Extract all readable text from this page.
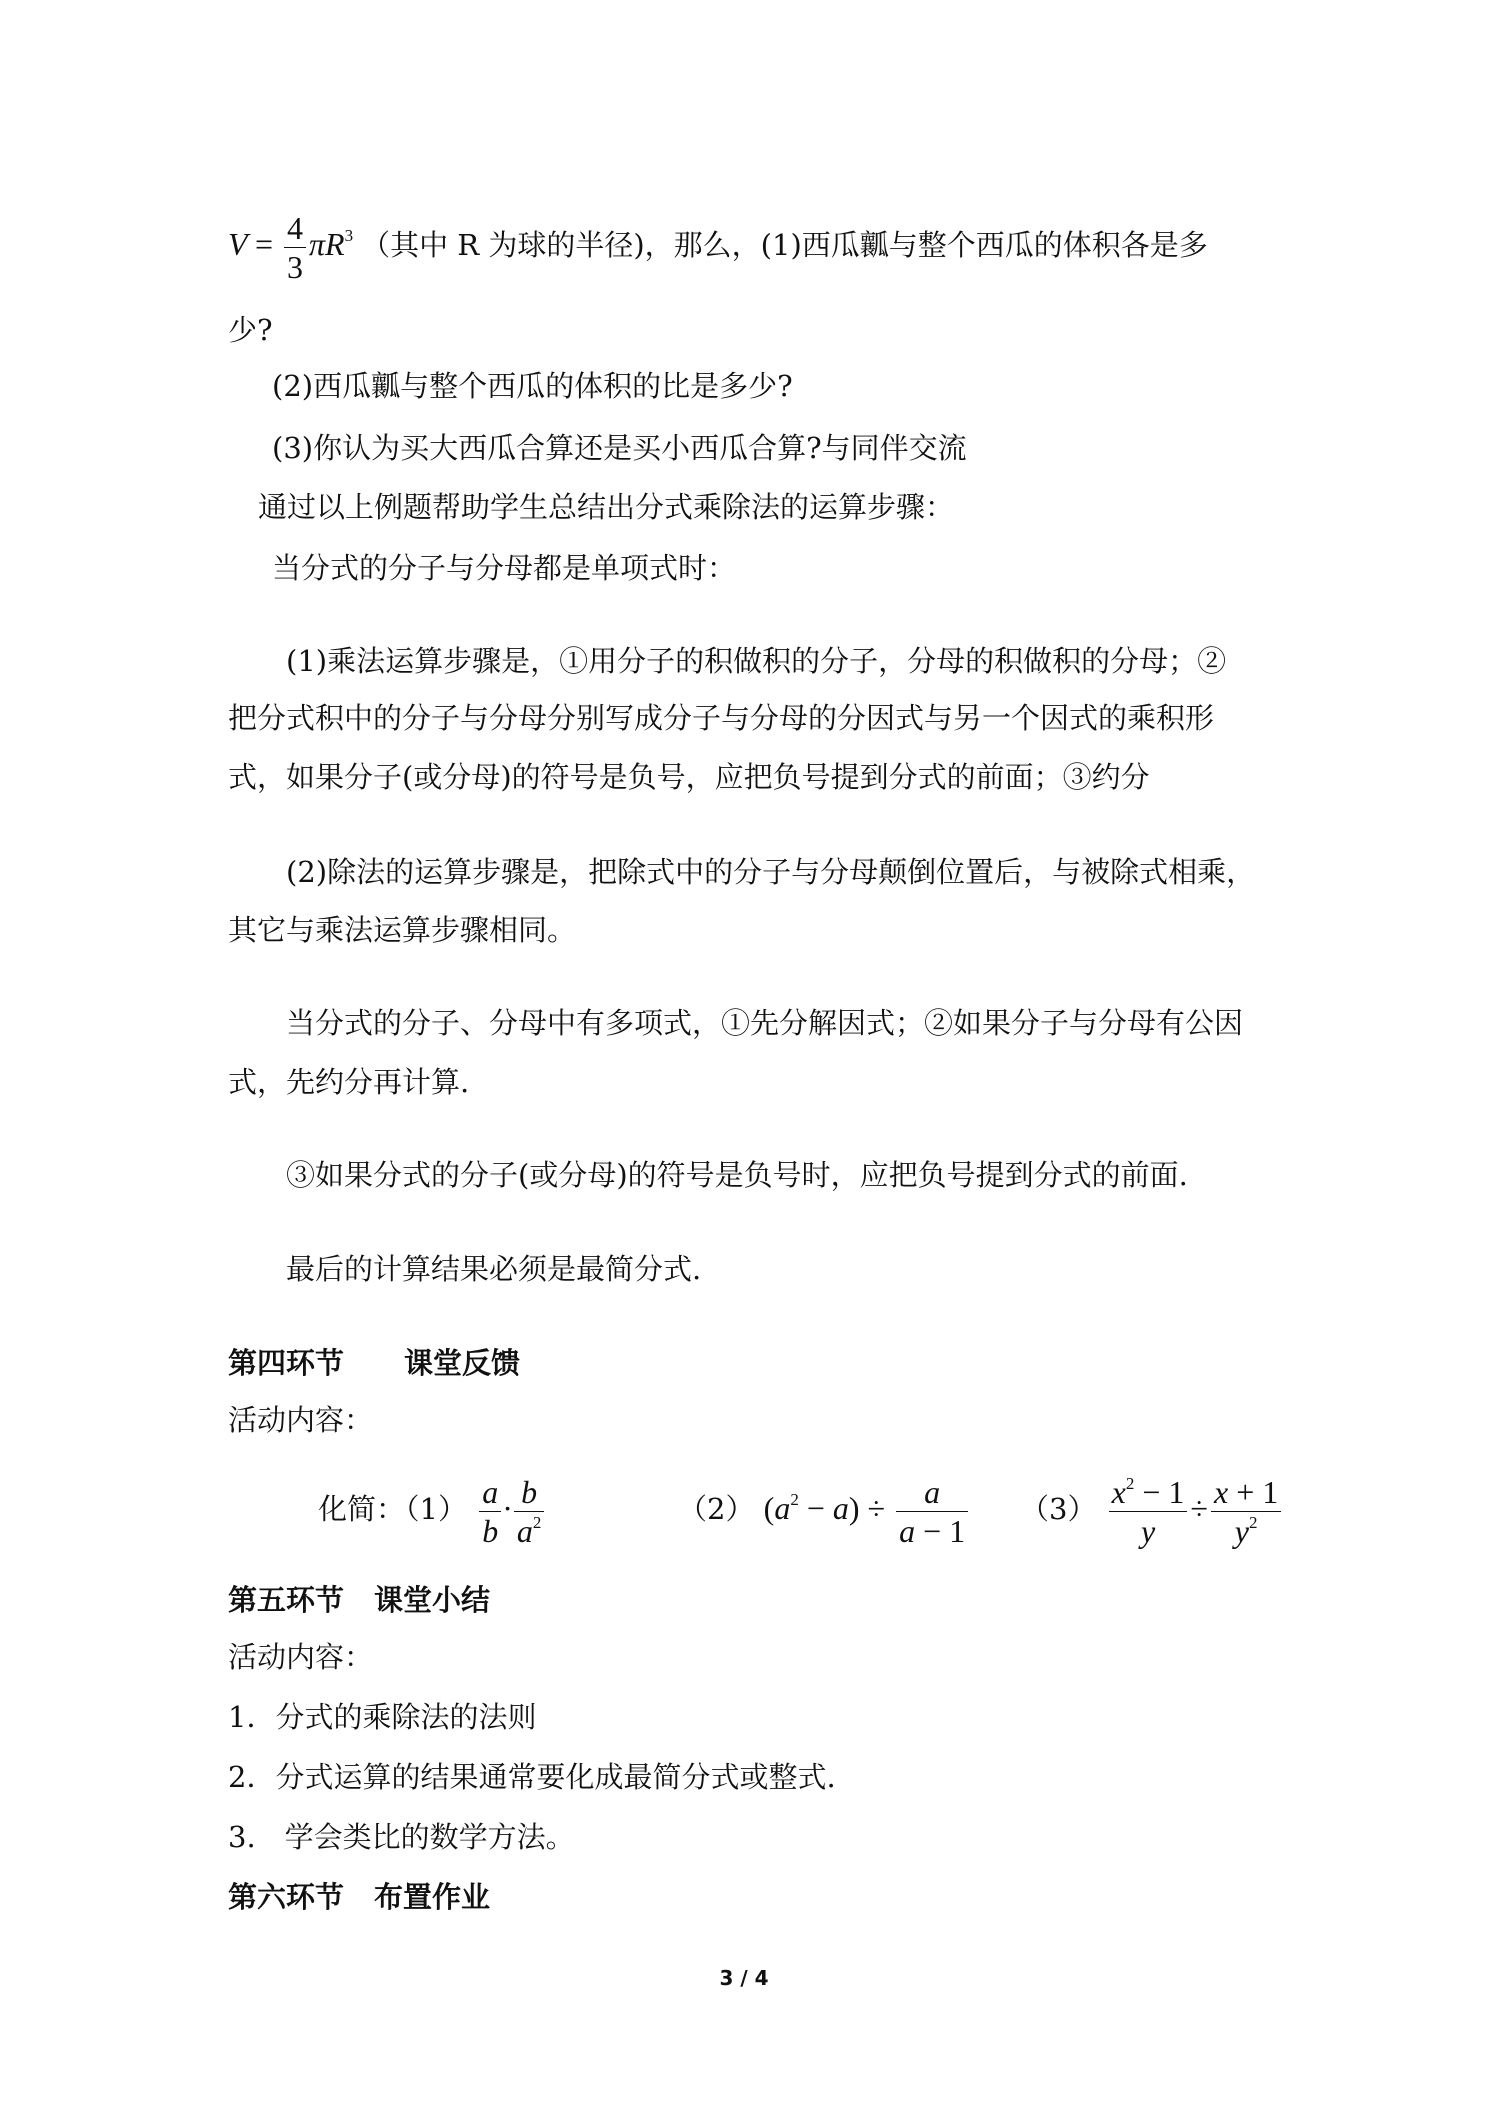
$V = \frac{4}{3} \pi R^3$ （其中 R 为球的半径)，那么，(1)西瓜瓤与整个西瓜的体积各是多
少?
(2)西瓜瓤与整个西瓜的体积的比是多少?
(3)你认为买大西瓜合算还是买小西瓜合算?与同伴交流
通过以上例题帮助学生总结出分式乘除法的运算步骤：
当分式的分子与分母都是单项式时：
(1)乘法运算步骤是，①用分子的积做积的分子，分母的积做积的分母；②
把分式积中的分子与分母分别写成分子与分母的分因式与另一个因式的乘积形
式，如果分子(或分母)的符号是负号，应把负号提到分式的前面；③约分
(2)除法的运算步骤是，把除式中的分子与分母颠倒位置后，与被除式相乘，
其它与乘法运算步骤相同。
当分式的分子、分母中有多项式，①先分解因式；②如果分子与分母有公因
式，先约分再计算.
③如果分式的分子(或分母)的符号是负号时，应把负号提到分式的前面.
最后的计算结果必须是最简分式.
第四环节 课堂反馈
活动内容：
化简：$(1) \frac{a}{b} \cdot \frac{b}{a^2}$	（2） $(a^2 - a) \div \frac{a}{a - 1} (3) \frac{x^2 - 1}{y} \div \frac{x + 1}{y^2}$
第五环节 课堂小结
活动内容：
1．分式的乘除法的法则
2．分式运算的结果通常要化成最简分式或整式.
3.　学会类比的数学方法。
第六环节 布置作业
3 / 4
